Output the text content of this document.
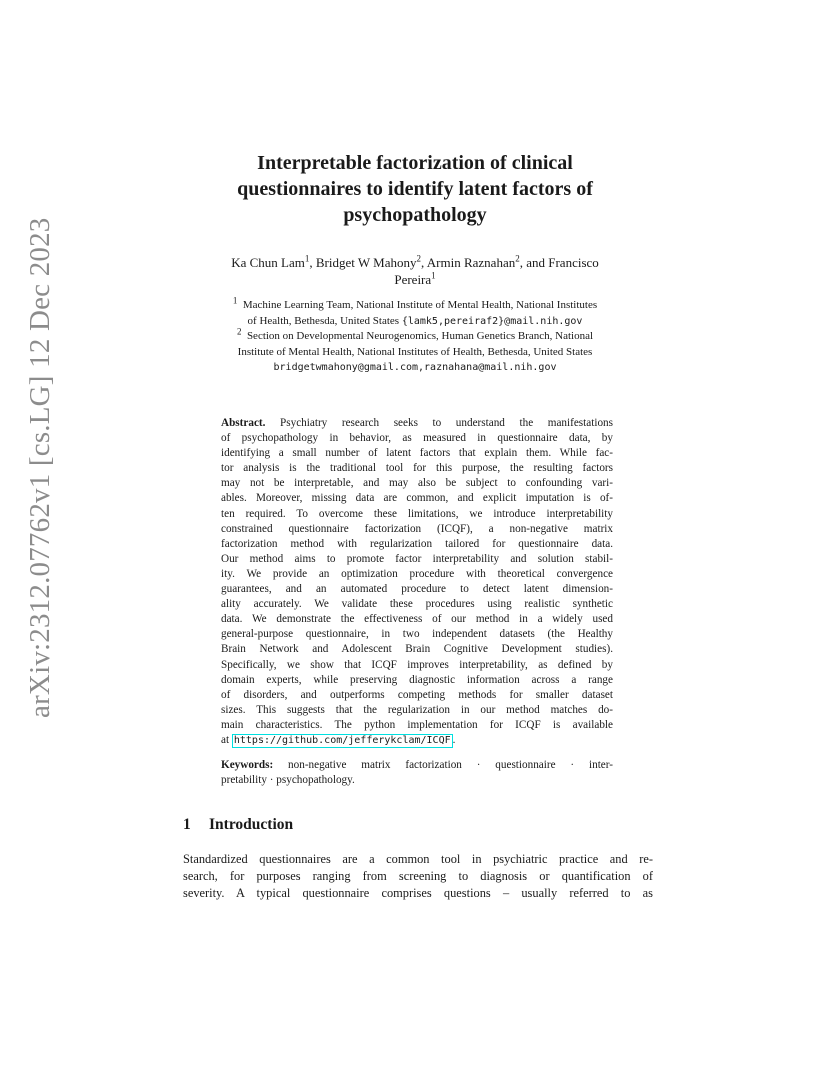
arXiv:2312.07762v1 [cs.LG] 12 Dec 2023
Interpretable factorization of clinical
questionnaires to identify latent factors of
psychopathology
Ka Chun Lam$^1$, Bridget W Mahony$^2$, Armin Raznahan$^2$, and Francisco
Pereira$^1$
$^1$ Machine Learning Team, National Institute of Mental Health, National Institutes
of Health, Bethesda, United States {lamk5,pereiraf2}@mail.nih.gov
$^2$ Section on Developmental Neurogenomics, Human Genetics Branch, National
Institute of Mental Health, National Institutes of Health, Bethesda, United States
bridgetwmahony@gmail.com,raznahana@mail.nih.gov
Abstract. Psychiatry research seeks to understand the manifestations
of psychopathology in behavior, as measured in questionnaire data, by
identifying a small number of latent factors that explain them. While fac-
tor analysis is the traditional tool for this purpose, the resulting factors
may not be interpretable, and may also be subject to confounding vari-
ables. Moreover, missing data are common, and explicit imputation is of-
ten required. To overcome these limitations, we introduce interpretability
constrained questionnaire factorization (ICQF), a non-negative matrix
factorization method with regularization tailored for questionnaire data.
Our method aims to promote factor interpretability and solution stabil-
ity. We provide an optimization procedure with theoretical convergence
guarantees, and an automated procedure to detect latent dimension-
ality accurately. We validate these procedures using realistic synthetic
data. We demonstrate the effectiveness of our method in a widely used
general-purpose questionnaire, in two independent datasets (the Healthy
Brain Network and Adolescent Brain Cognitive Development studies).
Specifically, we show that ICQF improves interpretability, as defined by
domain experts, while preserving diagnostic information across a range
of disorders, and outperforms competing methods for smaller dataset
sizes. This suggests that the regularization in our method matches do-
main characteristics. The python implementation for ICQF is available
at https://github.com/jefferykclam/ICQF .
Keywords: non-negative matrix factorization · questionnaire · inter-
pretability · psychopathology.
1 Introduction
Standardized questionnaires are a common tool in psychiatric practice and re-
search, for purposes ranging from screening to diagnosis or quantification of
severity. A typical questionnaire comprises questions – usually referred to as
